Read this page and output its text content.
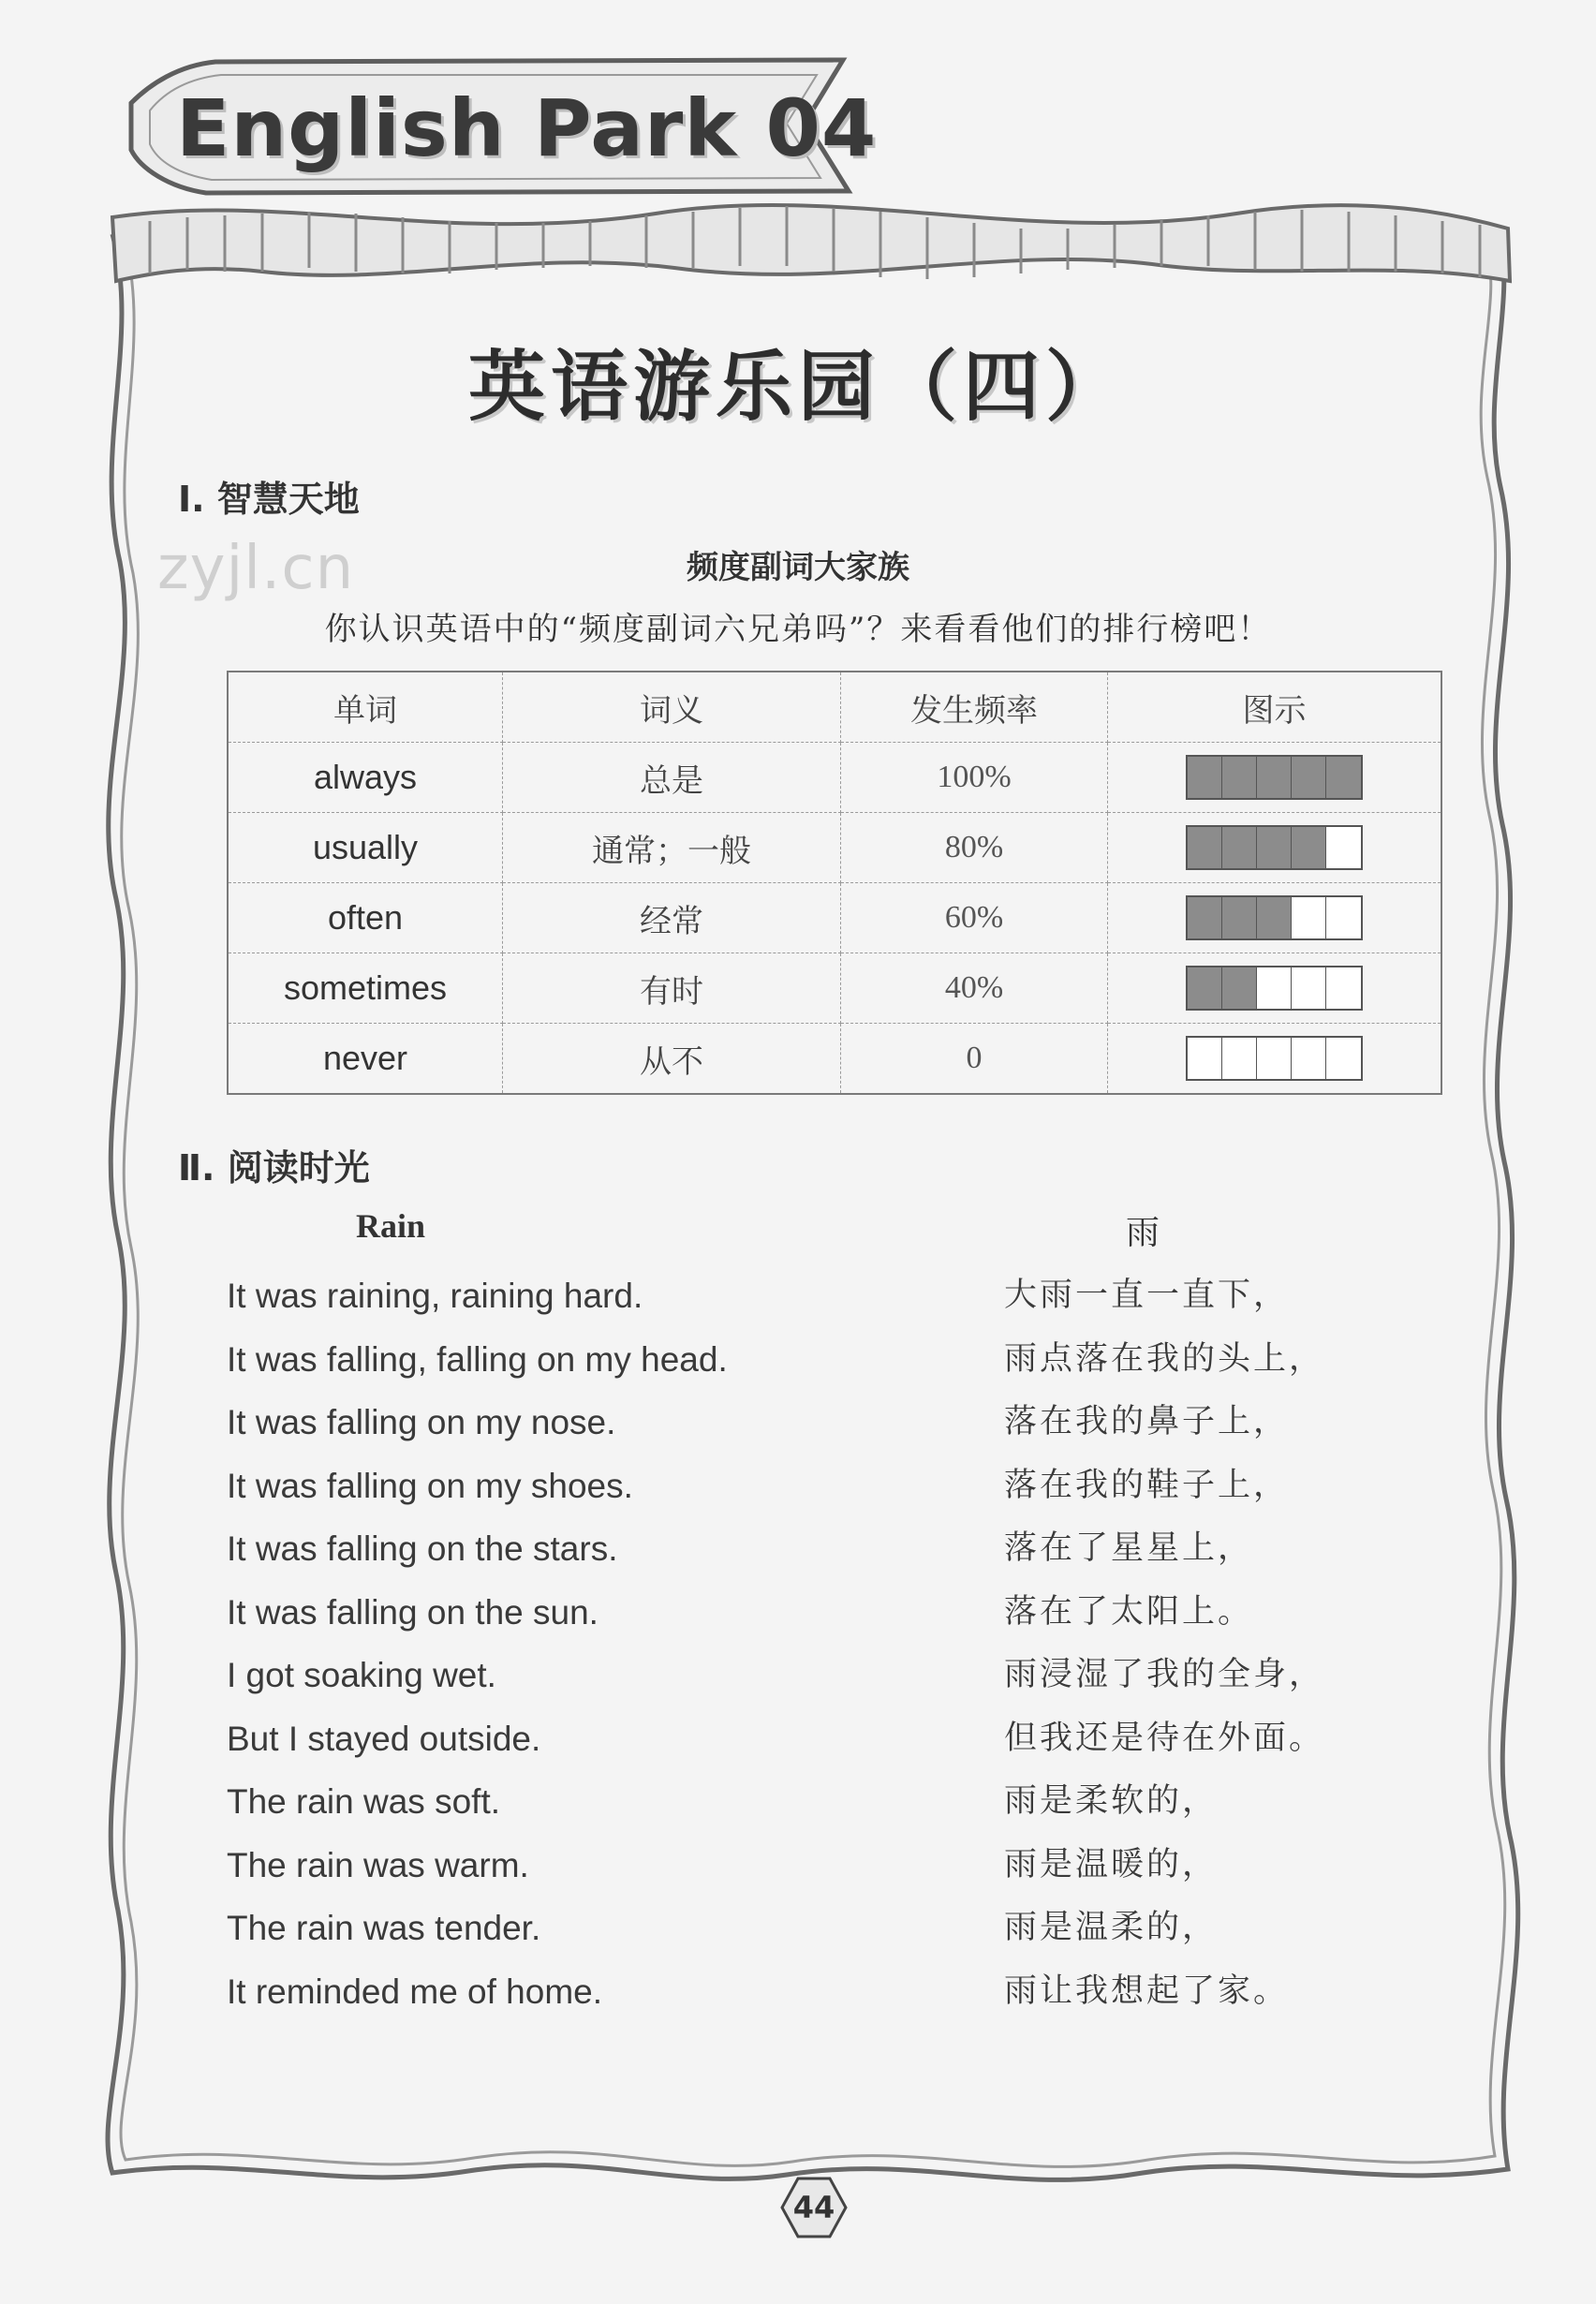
English Park 04
英语游乐园（四）
Ⅰ. 智慧天地
zyjl.cn	频度副词大家族
你认识英语中的“频度副词六兄弟吗”？来看看他们的排行榜吧！
单词	词义	发生频率	图示
always	总是	100%	

usually	通常；一般	80%	

often	经常	60%	

sometimes	有时	40%	

never	从不	0	
Ⅱ. 阅读时光
Rain	雨
It was raining, raining hard.
It was falling, falling on my head.
It was falling on my nose.
It was falling on my shoes.
It was falling on the stars.
It was falling on the sun.
I got soaking wet.
But I stayed outside.
The rain was soft.
The rain was warm.
The rain was tender.
It reminded me of home.
大雨一直一直下，
雨点落在我的头上，
落在我的鼻子上，
落在我的鞋子上，
落在了星星上，
落在了太阳上。
雨浸湿了我的全身，
但我还是待在外面。
雨是柔软的，
雨是温暖的，
雨是温柔的，
雨让我想起了家。
44
